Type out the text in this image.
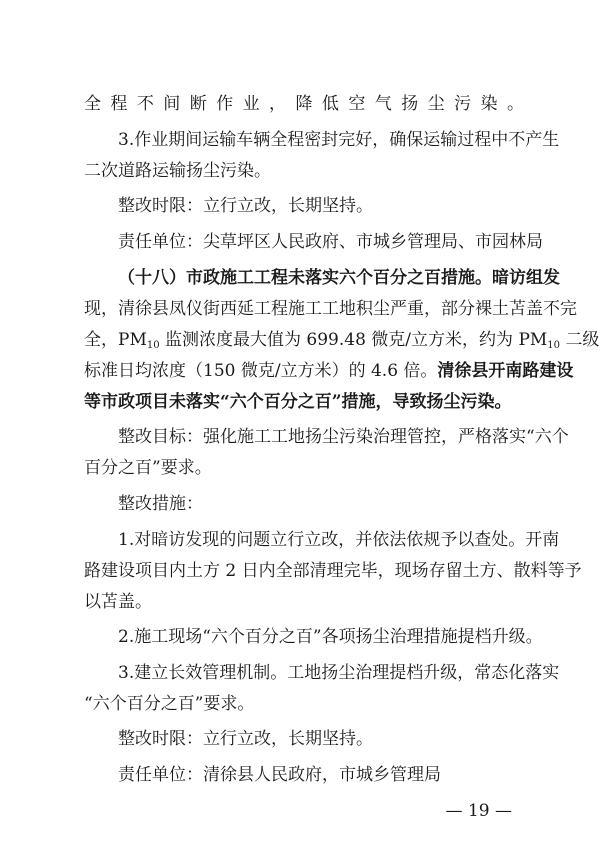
全程不间断作业，降低空气扬尘污染。
3.作业期间运输车辆全程密封完好，确保运输过程中不产生
二次道路运输扬尘污染。
整改时限：立行立改，长期坚持。
责任单位：尖草坪区人民政府、市城乡管理局、市园林局
（十八）市政施工工程未落实六个百分之百措施。暗访组发
现，清徐县凤仪街西延工程施工工地积尘严重，部分裸土苫盖不完
全，$PM_{10}$ 监测浓度最大值为 699.48 微克/立方米，约为 $PM_{10}$ 二级
标准日均浓度（150 微克/立方米）的 4.6 倍。清徐县开南路建设
等市政项目未落实“六个百分之百”措施，导致扬尘污染。
整改目标：强化施工工地扬尘污染治理管控，严格落实“六个
百分之百”要求。
整改措施：
1.对暗访发现的问题立行立改，并依法依规予以查处。开南
路建设项目内土方 2 日内全部清理完毕，现场存留土方、散料等予
以苫盖。
2.施工现场“六个百分之百”各项扬尘治理措施提档升级。
3.建立长效管理机制。工地扬尘治理提档升级，常态化落实
“六个百分之百”要求。
整改时限：立行立改，长期坚持。
责任单位：清徐县人民政府，市城乡管理局
— 19 —
